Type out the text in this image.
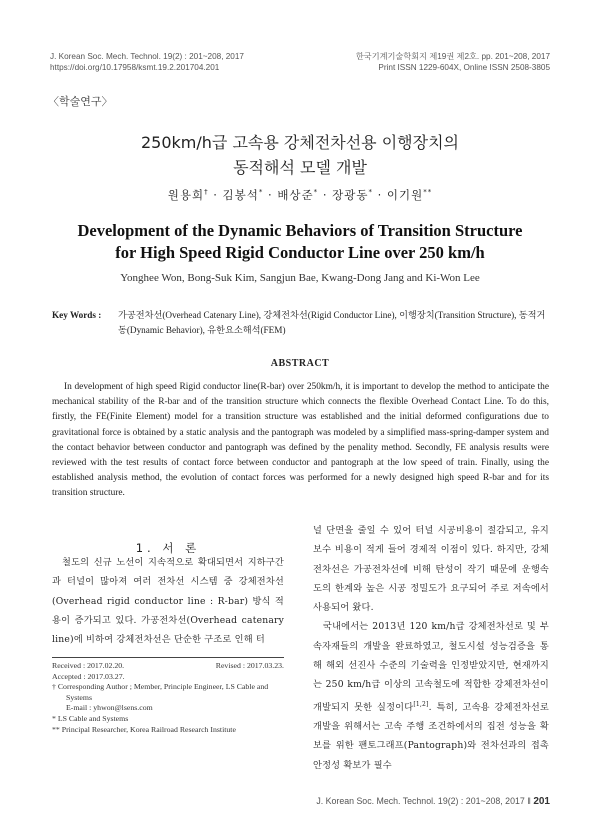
J. Korean Soc. Mech. Technol. 19(2) : 201~208, 2017
https://doi.org/10.17958/ksmt.19.2.201704.201
한국기계기술학회지 제19권 제2호. pp. 201~208, 2017
Print ISSN 1229-604X, Online ISSN 2508-3805
〈학술연구〉
250km/h급 고속용 강체전차선용 이행장치의
동적해석 모델 개발
원용희† · 김봉석* · 배상준* · 장광동* · 이기원**
Development of the Dynamic Behaviors of Transition Structure
for High Speed Rigid Conductor Line over 250 km/h
Yonghee Won, Bong-Suk Kim, Sangjun Bae, Kwang-Dong Jang and Ki-Won Lee
Key Words : 가공전차선(Overhead Catenary Line), 강체전차선(Rigid Conductor Line), 이행장치(Transition Structure), 동적거동(Dynamic Behavior), 유한요소해석(FEM)
ABSTRACT
In development of high speed Rigid conductor line(R-bar) over 250km/h, it is important to develop the method to anticipate the mechanical stability of the R-bar and of the transition structure which connects the flexible Overhead Contact Line. To do this, firstly, the FE(Finite Element) model for a transition structure was established and the initial deformed configurations due to gravitational force is obtained by a static analysis and the pantograph was modeled by a simplified mass-spring-damper system and the contact behavior between conductor and pantograph was defined by the penality method. Secondly, FE analysis results were reviewed with the test results of contact force between conductor and pantograph at the low speed of train. Finally, using the established analysis method, the evolution of contact forces was performed for a newly designed high speed R-bar and for its transition structure.
1. 서 론

철도의 신규 노선이 지속적으로 확대되면서 지하구간과 터널이 많아져 여러 전차선 시스템 중 강체전차선(Overhead rigid conductor line : R-bar) 방식 적용이 증가되고 있다. 가공전차선(Overhead catenary line)에 비하여 강체전차선은 단순한 구조로 인해 터

널 단면을 줄일 수 있어 터널 시공비용이 절감되고, 유지보수 비용이 적게 들어 경제적 이점이 있다. 하지만, 강체전차선은 가공전차선에 비해 탄성이 작기 때문에 운행속도의 한계와 높은 시공 정밀도가 요구되어 주로 저속에서 사용되어 왔다.

국내에서는 2013년 120 km/h급 강체전차선로 및 부속자재들의 개발을 완료하였고, 철도시설 성능검증을 통해 해외 선진사 수준의 기술력을 인정받았지만, 현재까지는 250 km/h급 이상의 고속철도에 적합한 강체전차선이 개발되지 못한 실정이다[1,2]. 특히, 고속용 강체전차선로 개발을 위해서는 고속 주행 조건하에서의 집전 성능을 확보를 위한 팬토그래프(Pantograph)와 전차선과의 접촉 안정성 확보가 필수

Received : 2017.02.20.	Revised : 2017.03.23.
Accepted : 2017.03.27.
† Corresponding Author ; Member, Principle Engineer, LS Cable and
Systems
E-mail : yhwon@lsens.com
* LS Cable and Systems
** Principal Researcher, Korea Railroad Research Institute
J. Korean Soc. Mech. Technol. 19(2) : 201~208, 2017 ‖ 201
